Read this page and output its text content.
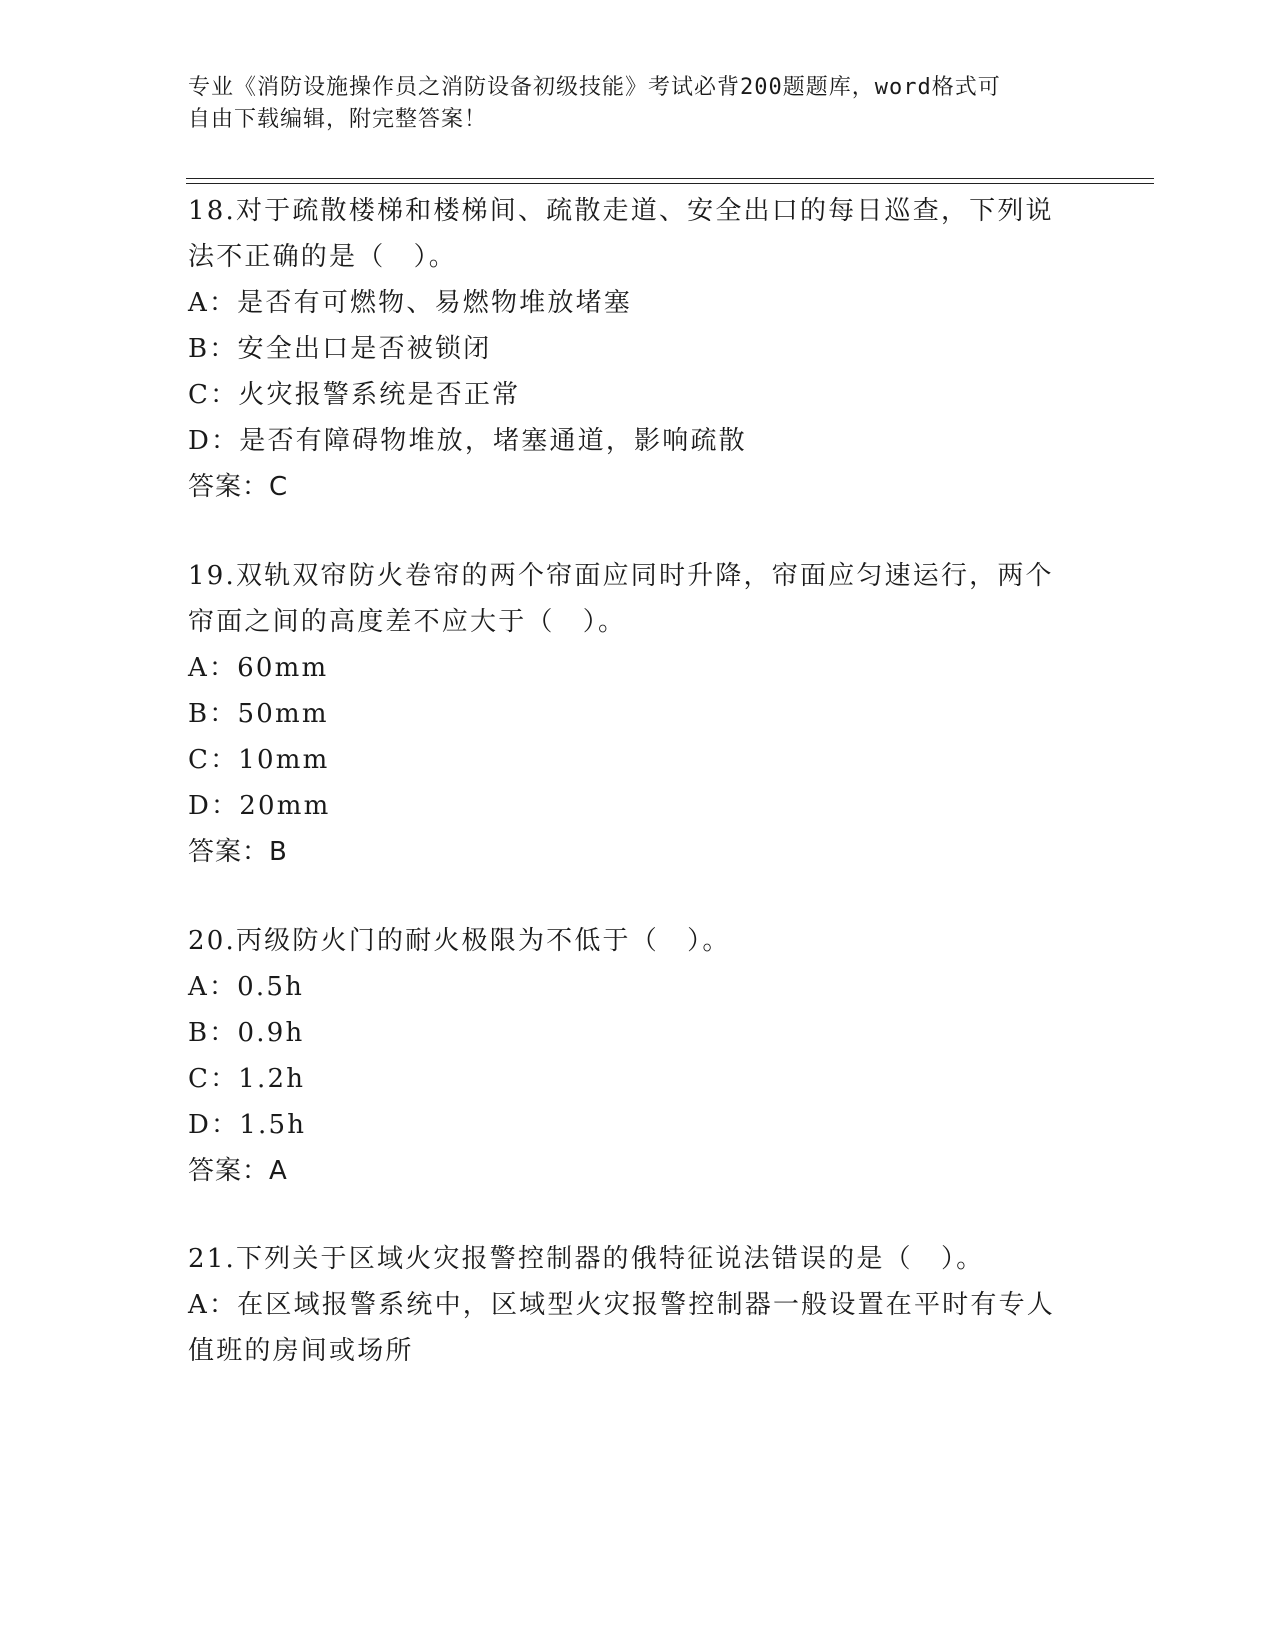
专业《消防设施操作员之消防设备初级技能》考试必背200题题库，word格式可
自由下载编辑，附完整答案！
18.对于疏散楼梯和楼梯间、疏散走道、安全出口的每日巡查，下列说
法不正确的是（　）。
A：是否有可燃物、易燃物堆放堵塞
B：安全出口是否被锁闭
C：火灾报警系统是否正常
D：是否有障碍物堆放，堵塞通道，影响疏散
答案：C
19.双轨双帘防火卷帘的两个帘面应同时升降，帘面应匀速运行，两个
帘面之间的高度差不应大于（　）。
A：60mm
B：50mm
C：10mm
D：20mm
答案：B
20.丙级防火门的耐火极限为不低于（　）。
A：0.5h
B：0.9h
C：1.2h
D：1.5h
答案：A
21.下列关于区域火灾报警控制器的俄特征说法错误的是（　）。
A：在区域报警系统中，区域型火灾报警控制器一般设置在平时有专人
值班的房间或场所
